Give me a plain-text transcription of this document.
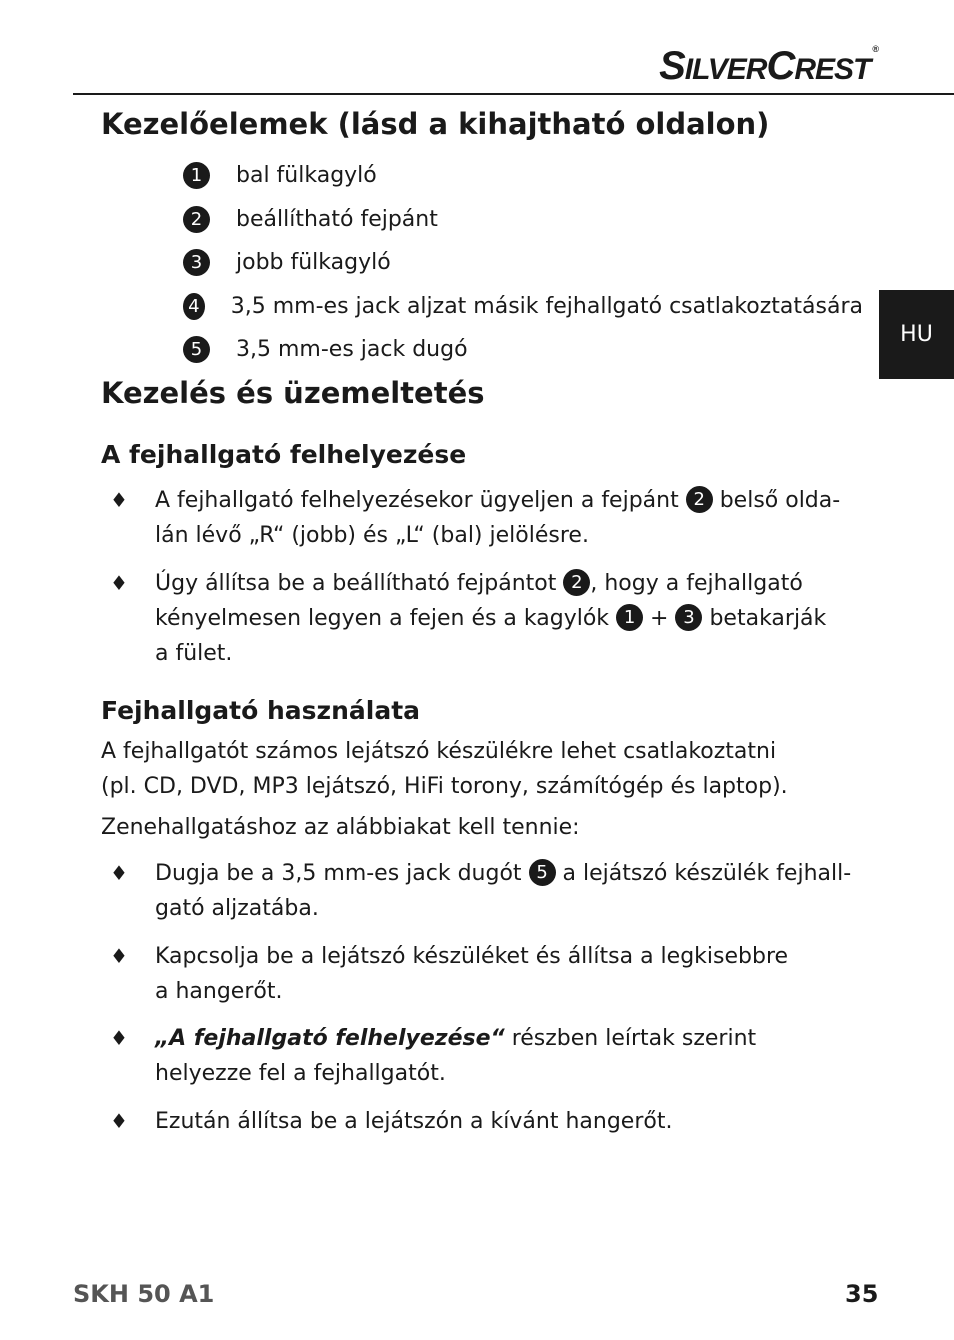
SILVERCREST®
HU
Kezelőelemek (lásd a kihajtható oldalon)
1	bal fülkagyló
2	beállítható fejpánt
3	jobb fülkagyló
4 3,5 mm-es jack aljzat másik fejhallgató csatlakoztatására
5	3,5 mm-es jack dugó
Kezelés és üzemeltetés
A fejhallgató felhelyezése
♦ A fejhallgató felhelyezésekor ügyeljen a fejpánt 2 belső olda-
lán lévő „R“ (jobb) és „L“ (bal) jelölésre.
♦ Úgy állítsa be a beállítható fejpántot 2 , hogy a fejhallgató
kényelmesen legyen a fejen és a kagylók 1 + 3 betakarják
a fület.
Fejhallgató használata
A fejhallgatót számos lejátszó készülékre lehet csatlakoztatni
(pl. CD, DVD, MP3 lejátszó, HiFi torony, számítógép és laptop).
Zenehallgatáshoz az alábbiakat kell tennie:
♦ Dugja be a 3,5 mm-es jack dugót 5 a lejátszó készülék fejhall-
gató aljzatába.
♦ Kapcsolja be a lejátszó készüléket és állítsa a legkisebbre
a hangerőt.
♦ „A fejhallgató felhelyezése“ részben leírtak szerint
helyezze fel a fejhallgatót.
♦ Ezután állítsa be a lejátszón a kívánt hangerőt.
SKH 50 A1	35
